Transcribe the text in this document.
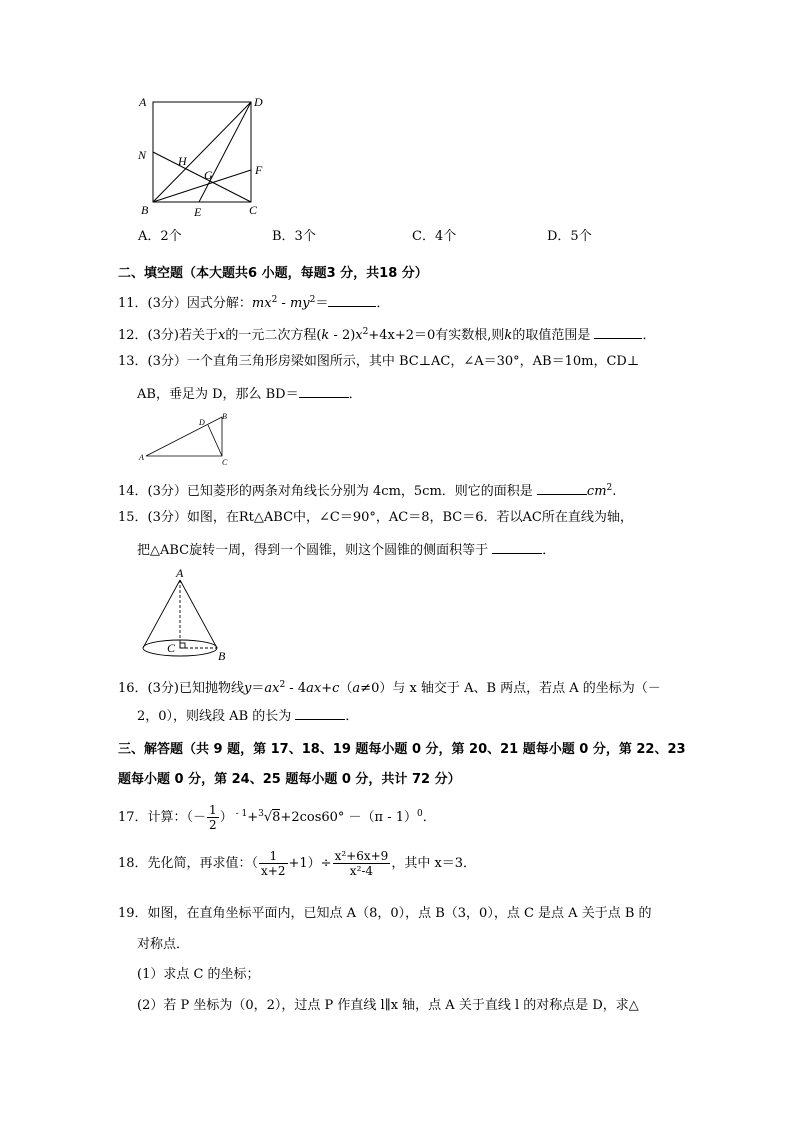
A	D
N	H
G	F
B	E	C
A．2个	B．3个	C．4个	D．5个
二、填空题（本大题共6 小题，每题3 分，共18 分）
11．(3分）因式分解：$mx^2 - my^2=$	．
12．(3分)若关于x的一元二次方程$(k - 2)x^2+4x+2=0$有实数根,则k的取值范围是	．
13．(3分）一个直角三角形房梁如图所示，其中 BC⊥AC，∠A＝30°，AB＝10m，CD⊥
AB，垂足为 D，那么 BD＝	．
D
B
A
C
14．(3分）已知菱形的两条对角线长分别为 4cm，5cm．则它的面积是	$cm^2$.
15．(3分）如图，在Rt△ABC中，∠C＝90°，AC＝8，BC＝6．若以AC所在直线为轴，
把△ABC旋转一周，得到一个圆锥，则这个圆锥的侧面积等于	．
A
C
B
16．(3分)已知抛物线$y=ax^2 - 4ax+c(a\ne 0)$与 x 轴交于 A、B 两点，若点 A 的坐标为（－
2，0），则线段 AB 的长为	．
三、解答题（共 9 题，第 17、18、19 题每小题 0 分，第 20、21 题每小题 0 分，第 22、23
题每小题 0 分，第 24、25 题每小题 0 分，共计 72 分）
17．计算：（－ $\frac{1}{2}$ ） $^{- 1}$+$^3$√8+2cos60° －（π - 1）$^0$．
18．先化简，再求值：（ $\frac{1}{x+2} +1)\div \frac{\text{x²+6x+9}}{\text{x²-4}}$ ，其中 x＝3．
19．如图，在直角坐标平面内，已知点 A（8，0），点 B（3，0），点 C 是点 A 关于点 B 的
对称点．
(1）求点 C 的坐标；
(2）若 P 坐标为（0，2），过点 P 作直线 l∥x 轴，点 A 关于直线 l 的对称点是 D，求△
